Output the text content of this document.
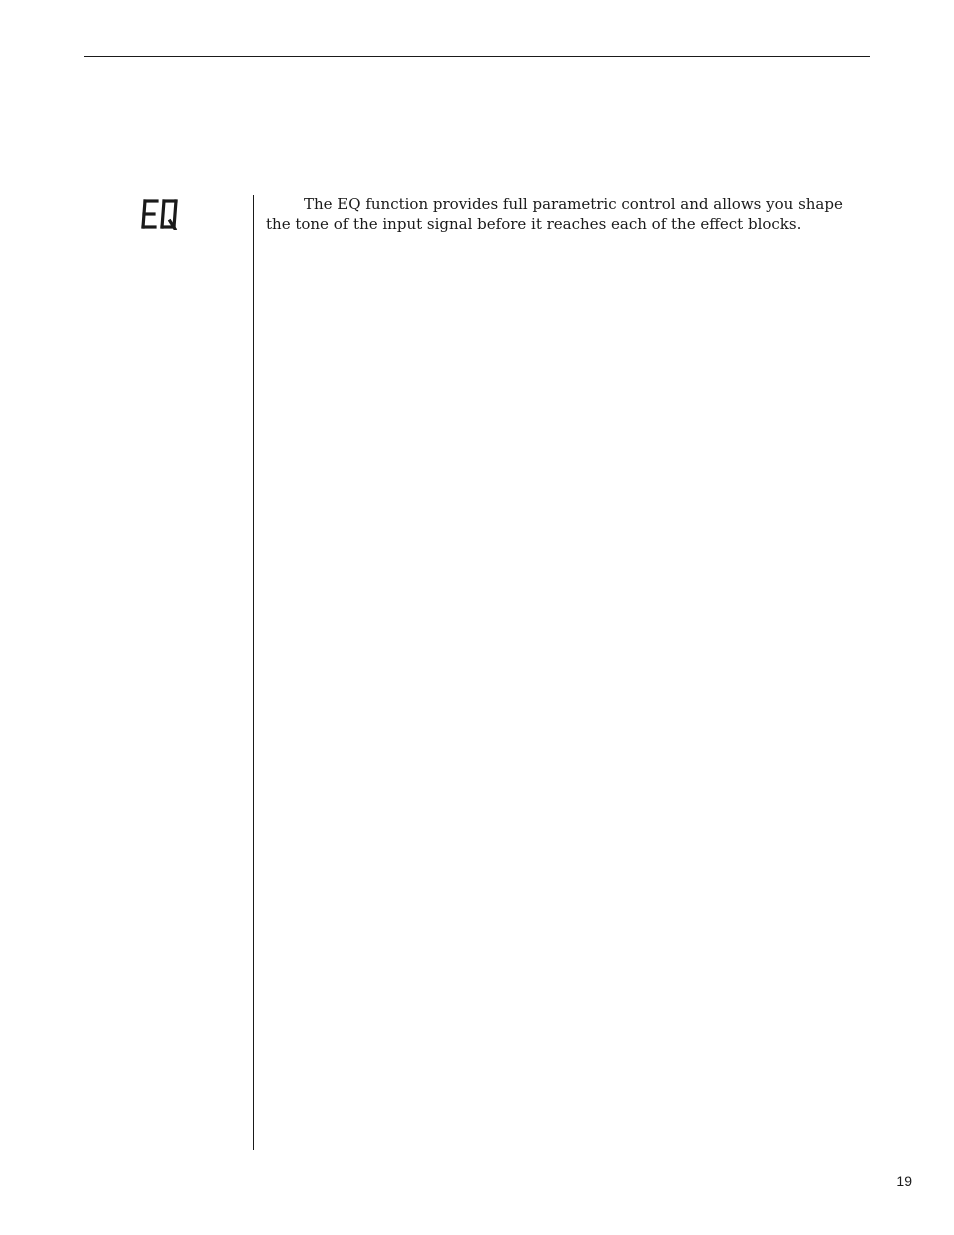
The EQ function provides full parametric control and allows you shape the tone of the input signal before it reaches each of the effect blocks.

19
